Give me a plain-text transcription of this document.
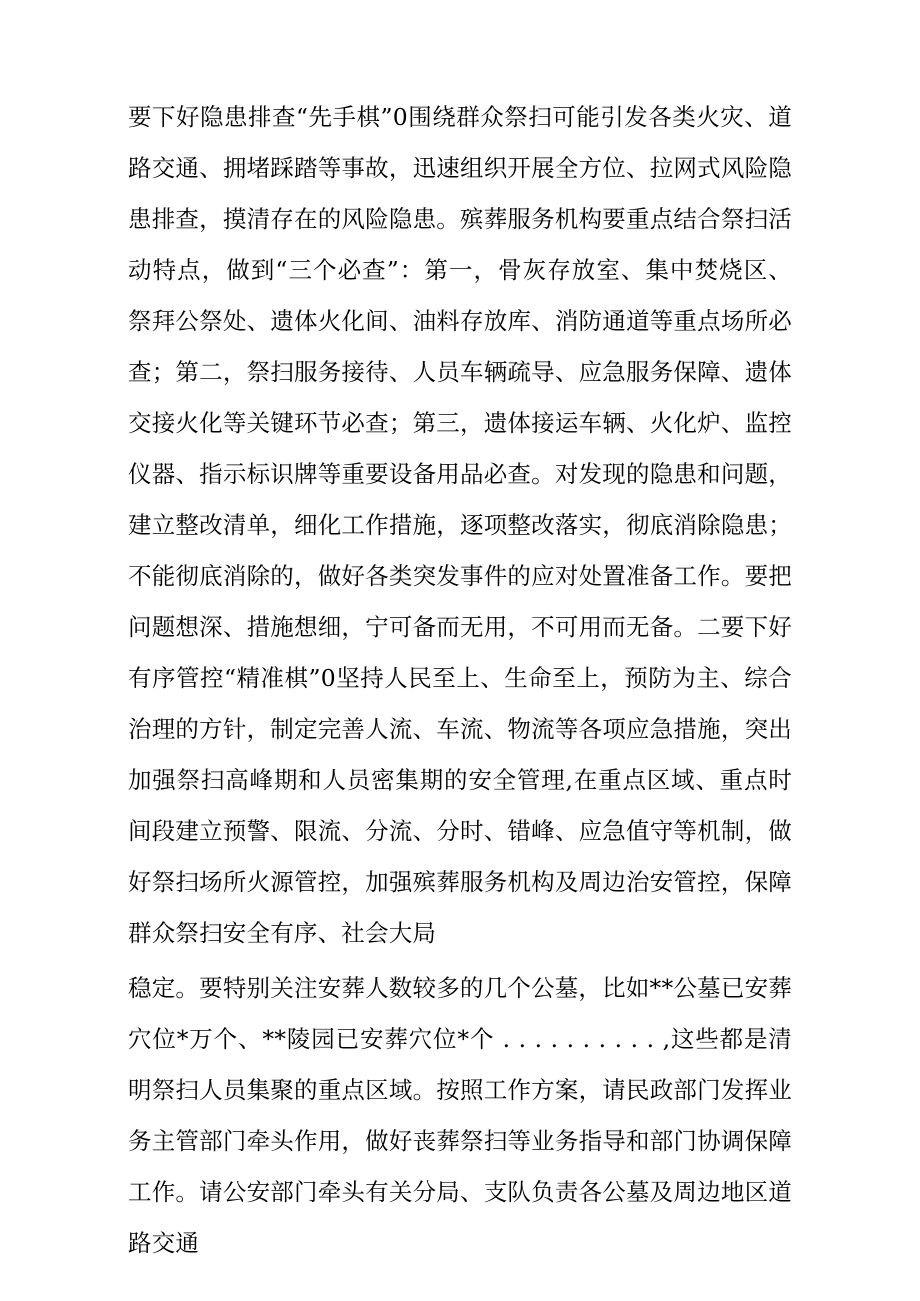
要下好隐患排查“先手棋”0围绕群众祭扫可能引发各类火灾、道路交通、拥堵踩踏等事故，迅速组织开展全方位、拉网式风险隐患排查，摸清存在的风险隐患。殡葬服务机构要重点结合祭扫活动特点，做到“三个必查”：第一，骨灰存放室、集中焚烧区、祭拜公祭处、遗体火化间、油料存放库、消防通道等重点场所必查；第二，祭扫服务接待、人员车辆疏导、应急服务保障、遗体交接火化等关键环节必查；第三，遗体接运车辆、火化炉、监控仪器、指示标识牌等重要设备用品必查。对发现的隐患和问题，建立整改清单，细化工作措施，逐项整改落实，彻底消除隐患；不能彻底消除的，做好各类突发事件的应对处置准备工作。要把问题想深、措施想细，宁可备而无用，不可用而无备。二要下好有序管控“精准棋”0坚持人民至上、生命至上，预防为主、综合治理的方针，制定完善人流、车流、物流等各项应急措施，突出加强祭扫高峰期和人员密集期的安全管理,在重点区域、重点时间段建立预警、限流、分流、分时、错峰、应急值守等机制，做好祭扫场所火源管控，加强殡葬服务机构及周边治安管控，保障群众祭扫安全有序、社会大局

稳定。要特别关注安葬人数较多的几个公墓，比如**公墓已安葬穴位*万个、**陵园已安葬穴位*个 . . . . . . . . . . ,这些都是清明祭扫人员集聚的重点区域。按照工作方案，请民政部门发挥业务主管部门牵头作用，做好丧葬祭扫等业务指导和部门协调保障工作。请公安部门牵头有关分局、支队负责各公墓及周边地区道路交通
